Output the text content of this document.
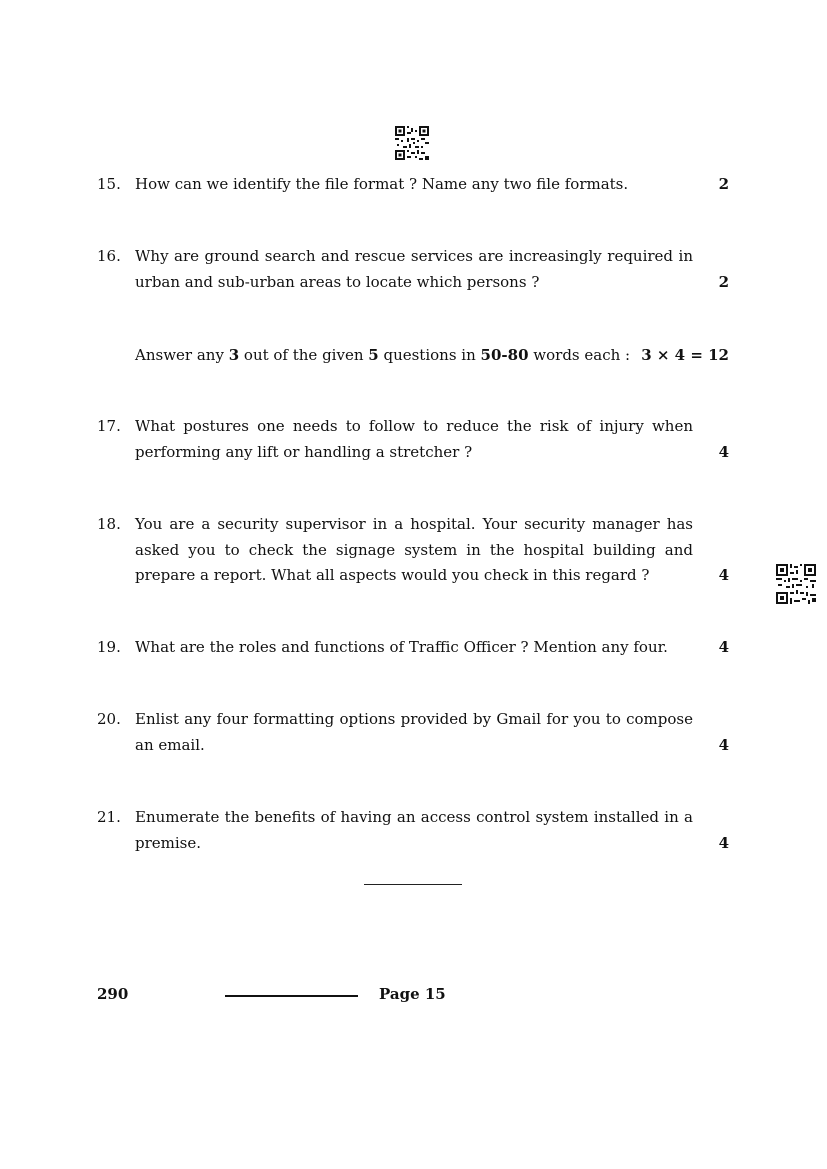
15. How can we identify the file format ? Name any two file formats.	2
16. Why are ground search and rescue services are increasingly required in
urban and sub-urban areas to locate which persons ?	2
Answer any 3 out of the given 5 questions in 50-80 words each : 3 × 4 = 12
17. What postures one needs to follow to reduce the risk of injury when
performing any lift or handling a stretcher ?	4
18. You are a security supervisor in a hospital. Your security manager has
asked you to check the signage system in the hospital building and
prepare a report. What all aspects would you check in this regard ?	4
19. What are the roles and functions of Traffic Officer ? Mention any four.	4
20. Enlist any four formatting options provided by Gmail for you to compose
an email.	4
21. Enumerate the benefits of having an access control system installed in a
premise.	4
290	Page 15
